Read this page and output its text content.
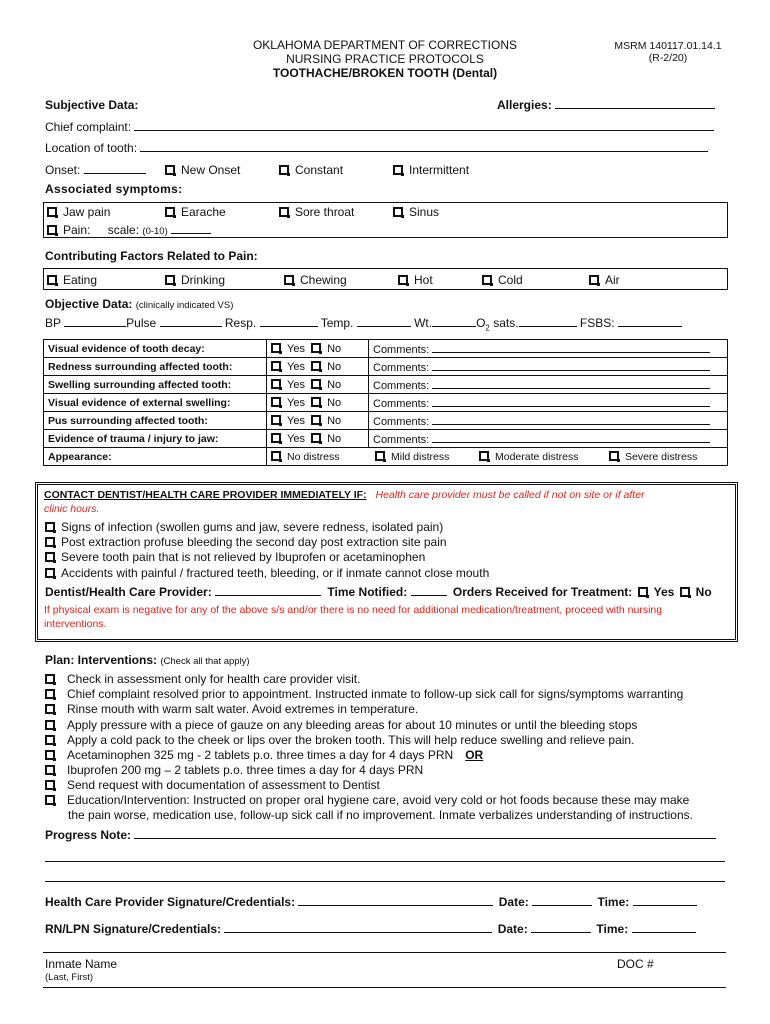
OKLAHOMA DEPARTMENT OF CORRECTIONS
NURSING PRACTICE PROTOCOLS
TOOTHACHE/BROKEN TOOTH (Dental)
MSRM 140117.01.14.1
(R-2/20)
Subjective Data:	Allergies:
Chief complaint:
Location of tooth:
Onset:	New Onset	Constant	Intermittent
Associated symptoms:
Jaw pain	Earache	Sore throat	Sinus
Pain: scale: (0-10)
Contributing Factors Related to Pain:
Eating	Drinking	Chewing	Hot	Cold	Air
Objective Data: (clinically indicated VS)
BP	Pulse	Resp.	Temp.	Wt.	$O_2$ sats.	FSBS:
Visual evidence of tooth decay:	Yes No	Comments:
Redness surrounding affected tooth:	Yes No	Comments:
Swelling surrounding affected tooth:	Yes No	Comments:
Visual evidence of external swelling:	Yes No	Comments:
Pus surrounding affected tooth:	Yes No	Comments:
Evidence of trauma / injury to jaw:	Yes No	Comments:
Appearance:	No distress Mild distress Moderate distress Severe distress	
CONTACT DENTIST/HEALTH CARE PROVIDER IMMEDIATELY IF: Health care provider must be called if not on site or if after
clinic hours.
Signs of infection (swollen gums and jaw, severe redness, isolated pain)
Post extraction profuse bleeding the second day post extraction site pain
Severe tooth pain that is not relieved by Ibuprofen or acetaminophen
Accidents with painful / fractured teeth, bleeding, or if inmate cannot close mouth
Dentist/Health Care Provider:	Time Notified:	Orders Received for Treatment: Yes No
If physical exam is negative for any of the above s/s and/or there is no need for additional medication/treatment, proceed with nursing
interventions.
Plan: Interventions: (Check all that apply)
Check in assessment only for health care provider visit.
Chief complaint resolved prior to appointment. Instructed inmate to follow-up sick call for signs/symptoms warranting
Rinse mouth with warm salt water. Avoid extremes in temperature.
Apply pressure with a piece of gauze on any bleeding areas for about 10 minutes or until the bleeding stops
Apply a cold pack to the cheek or lips over the broken tooth. This will help reduce swelling and relieve pain.
Acetaminophen 325 mg - 2 tablets p.o. three times a day for 4 days PRN OR
Ibuprofen 200 mg – 2 tablets p.o. three times a day for 4 days PRN
Send request with documentation of assessment to Dentist
Education/Intervention: Instructed on proper oral hygiene care, avoid very cold or hot foods because these may make
the pain worse, medication use, follow-up sick call if no improvement. Inmate verbalizes understanding of instructions.
Progress Note:
Health Care Provider Signature/Credentials:	Date:	Time:
RN/LPN Signature/Credentials:	Date:	Time:
Inmate Name
(Last, First)
DOC #
